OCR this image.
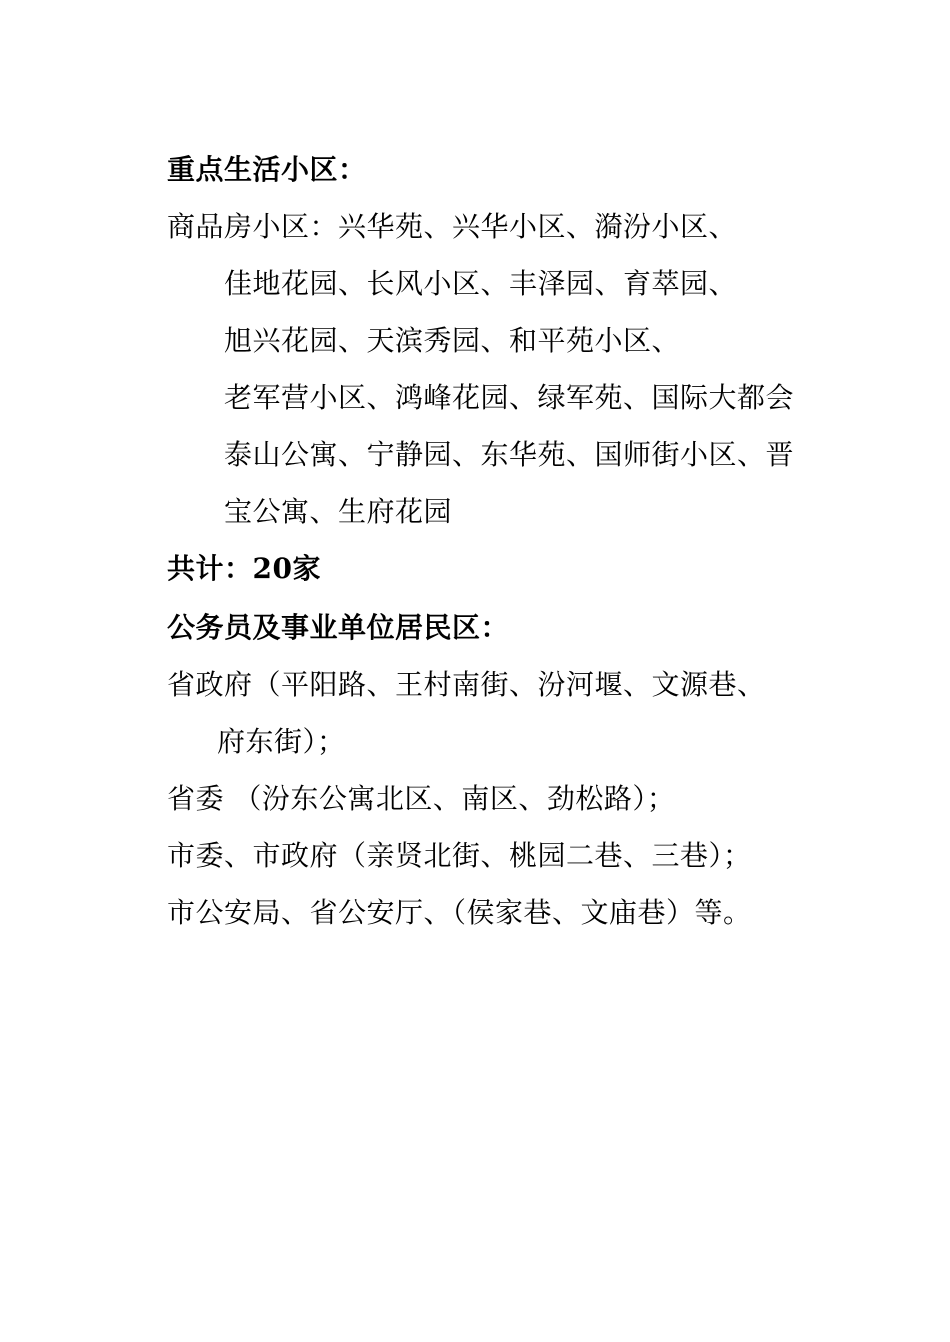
重点生活小区：
商品房小区：兴华苑、兴华小区、漪汾小区、
佳地花园、长风小区、丰泽园、育萃园、
旭兴花园、天滨秀园、和平苑小区、
老军营小区、鸿峰花园、绿军苑、国际大都会
泰山公寓、宁静园、东华苑、国师街小区、晋
宝公寓、生府花园
共计：20家
公务员及事业单位居民区：
省政府（平阳路、王村南街、汾河堰、文源巷、
府东街）；
省委 （汾东公寓北区、南区、劲松路）；
市委、市政府（亲贤北街、桃园二巷、三巷）；
市公安局、省公安厅、（侯家巷、文庙巷）等。
